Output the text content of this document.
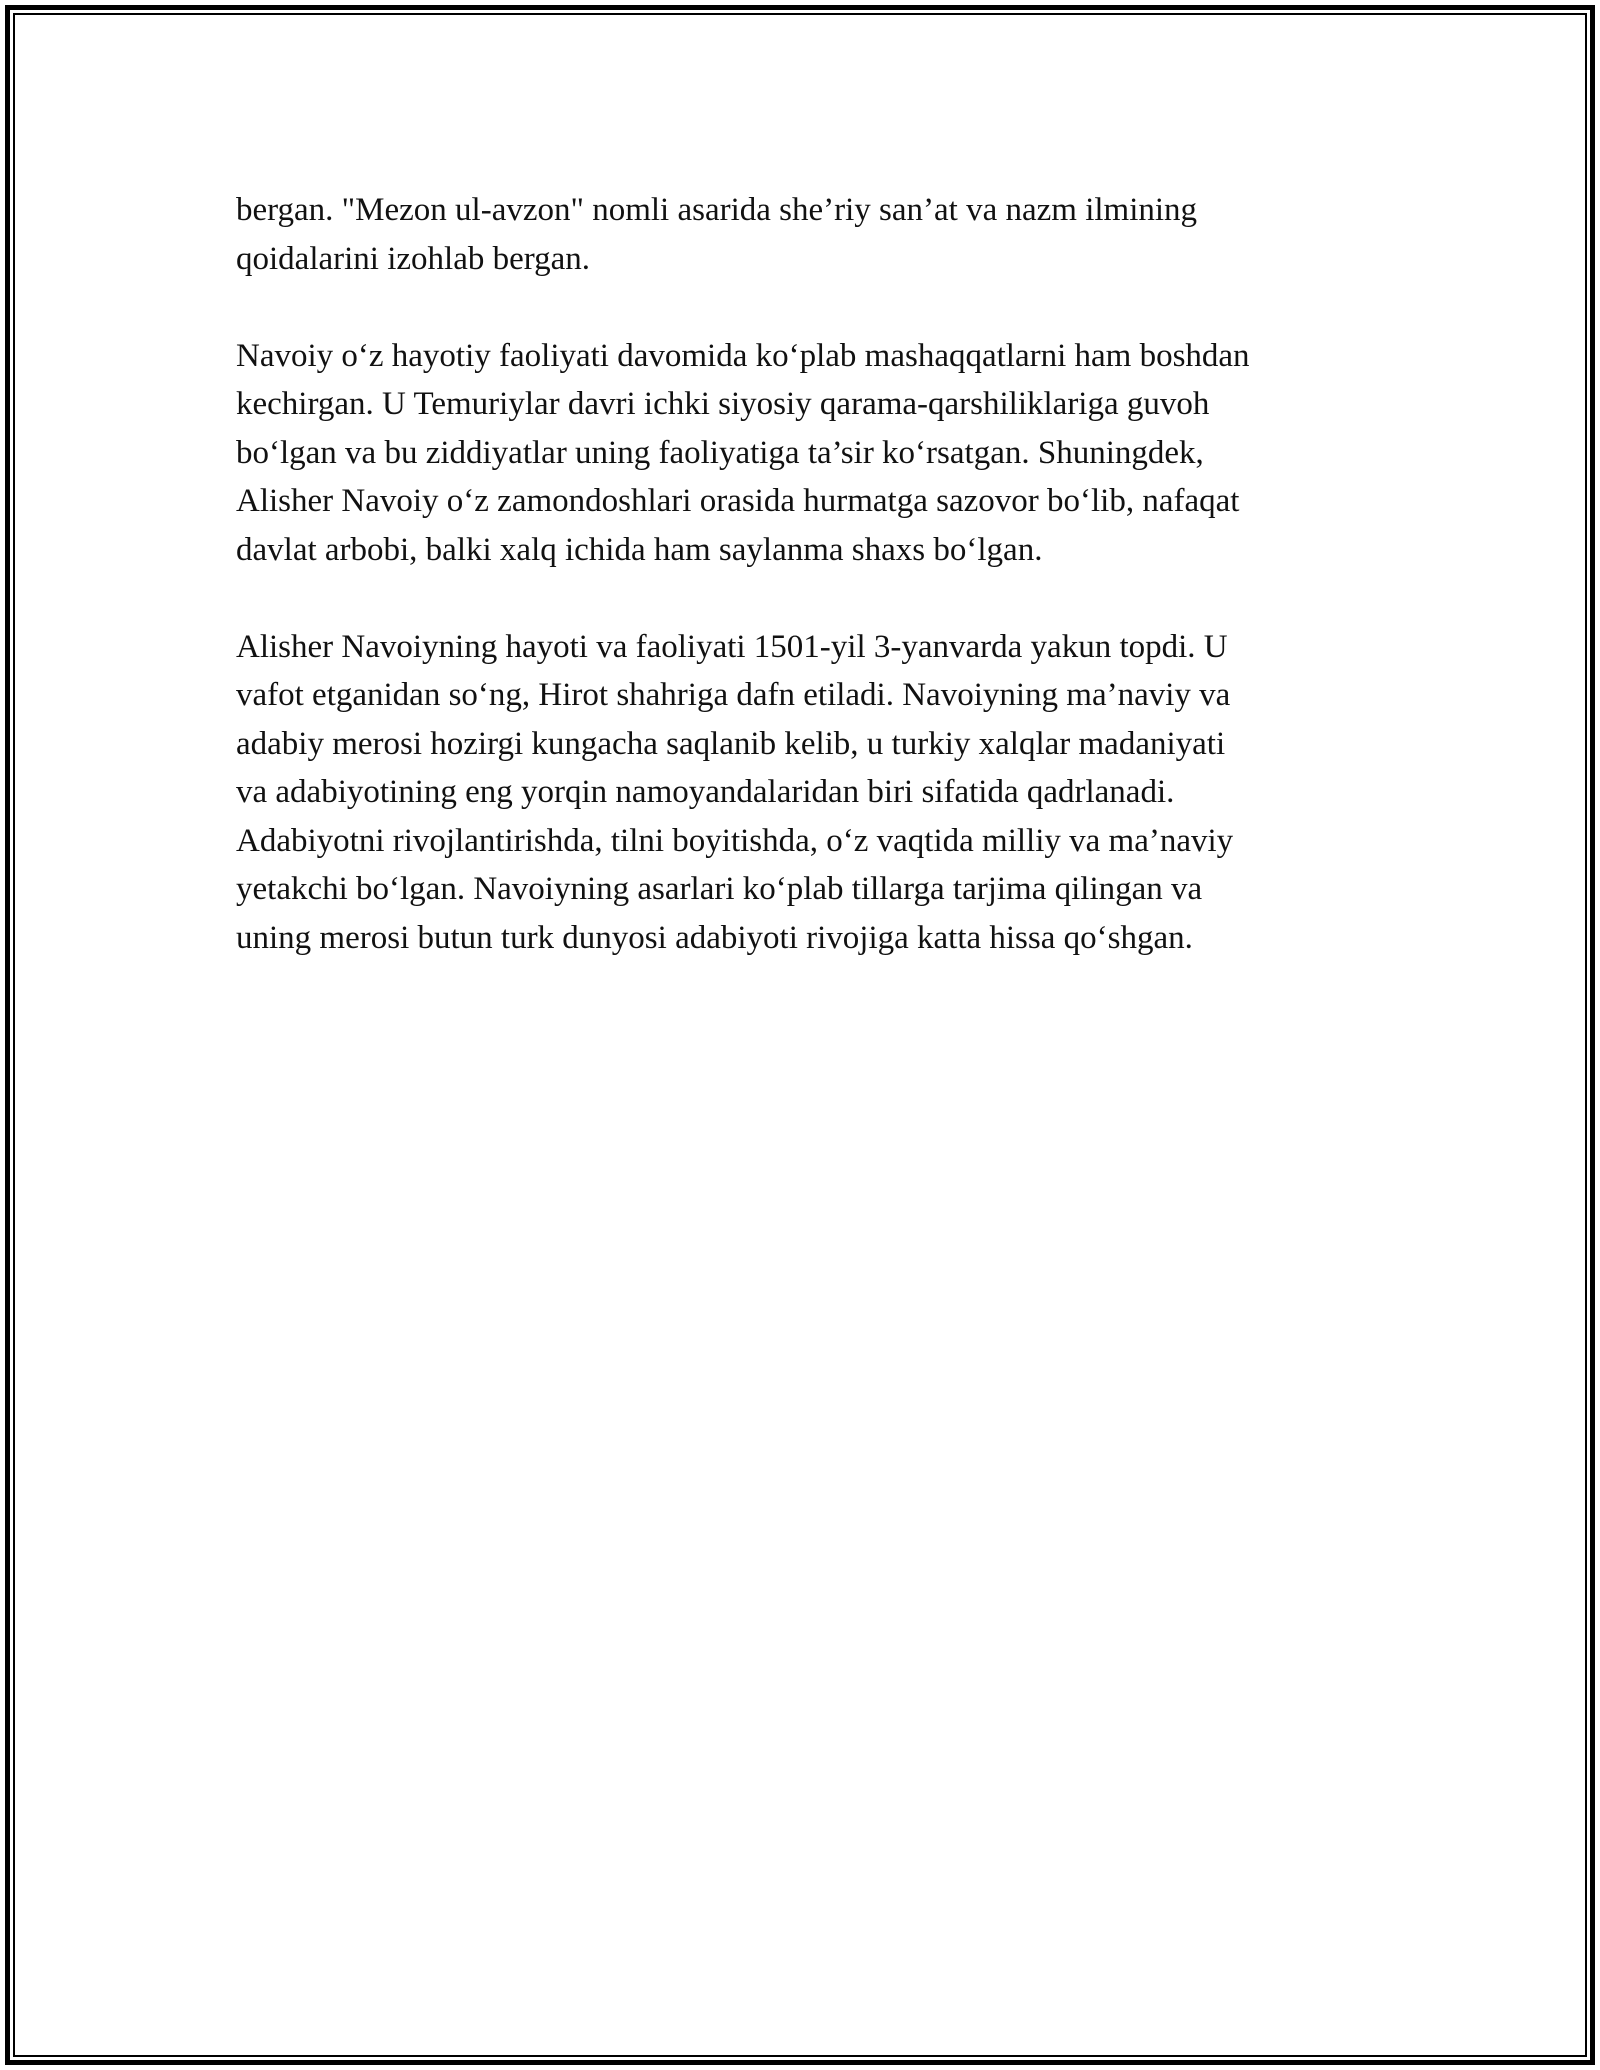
bergan. "Mezon ul-avzon" nomli asarida she’riy san’at va nazm ilmining
qoidalarini izohlab bergan.

Navoiy o‘z hayotiy faoliyati davomida ko‘plab mashaqqatlarni ham boshdan
kechirgan. U Temuriylar davri ichki siyosiy qarama-qarshiliklariga guvoh
bo‘lgan va bu ziddiyatlar uning faoliyatiga ta’sir ko‘rsatgan. Shuningdek,
Alisher Navoiy o‘z zamondoshlari orasida hurmatga sazovor bo‘lib, nafaqat
davlat arbobi, balki xalq ichida ham saylanma shaxs bo‘lgan.

Alisher Navoiyning hayoti va faoliyati 1501-yil 3-yanvarda yakun topdi. U
vafot etganidan so‘ng, Hirot shahriga dafn etiladi. Navoiyning ma’naviy va
adabiy merosi hozirgi kungacha saqlanib kelib, u turkiy xalqlar madaniyati
va adabiyotining eng yorqin namoyandalaridan biri sifatida qadrlanadi.
Adabiyotni rivojlantirishda, tilni boyitishda, o‘z vaqtida milliy va ma’naviy
yetakchi bo‘lgan. Navoiyning asarlari ko‘plab tillarga tarjima qilingan va
uning merosi butun turk dunyosi adabiyoti rivojiga katta hissa qo‘shgan.
